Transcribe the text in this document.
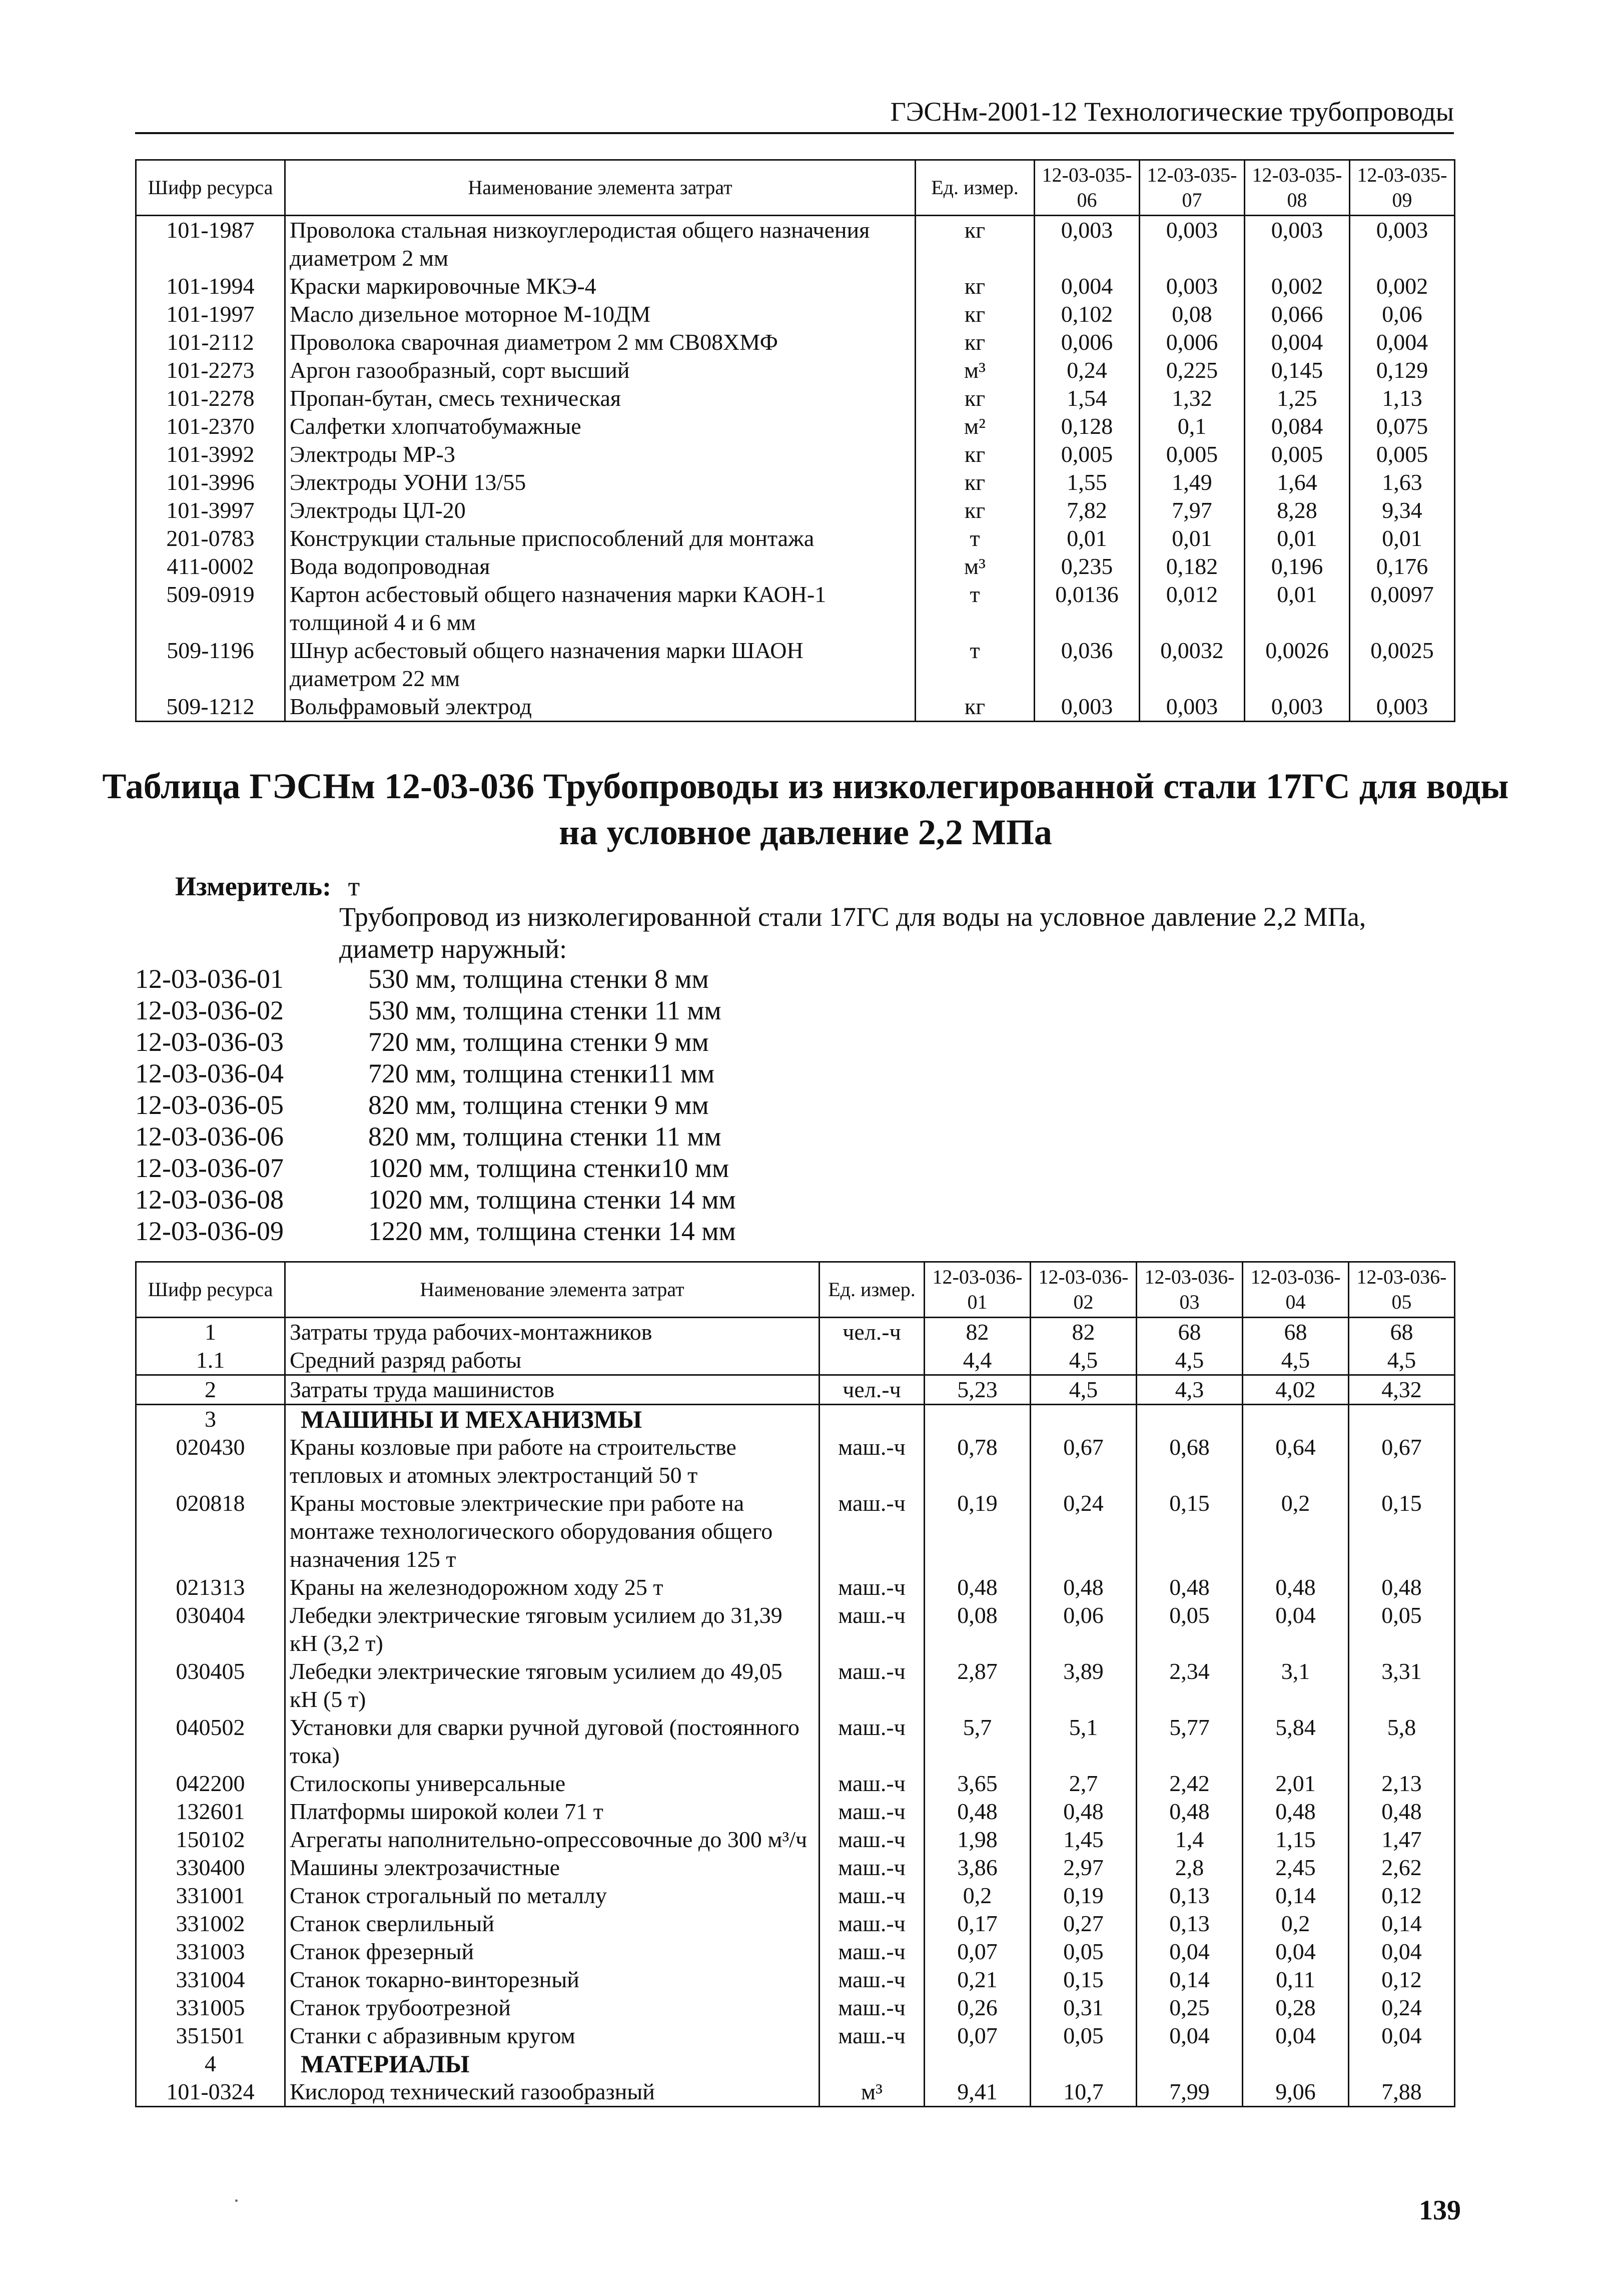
ГЭСНм-2001-12 Технологические трубопроводы
Шифр ресурса	Наименование элемента затрат	Ед. измер.	12-03-035-06	12-03-035-07	12-03-035-08	12-03-035-09
101-1987	Проволока стальная низкоуглеродистая общего назначения диаметром 2 мм	кг	0,003	0,003	0,003	0,003
101-1994	Краски маркировочные МКЭ-4	кг	0,004	0,003	0,002	0,002
101-1997	Масло дизельное моторное М-10ДМ	кг	0,102	0,08	0,066	0,06
101-2112	Проволока сварочная диаметром 2 мм СВ08ХМФ	кг	0,006	0,006	0,004	0,004
101-2273	Аргон газообразный, сорт высший	м³	0,24	0,225	0,145	0,129
101-2278	Пропан-бутан, смесь техническая	кг	1,54	1,32	1,25	1,13
101-2370	Салфетки хлопчатобумажные	м²	0,128	0,1	0,084	0,075
101-3992	Электроды МР-3	кг	0,005	0,005	0,005	0,005
101-3996	Электроды УОНИ 13/55	кг	1,55	1,49	1,64	1,63
101-3997	Электроды ЦЛ-20	кг	7,82	7,97	8,28	9,34
201-0783	Конструкции стальные приспособлений для монтажа	т	0,01	0,01	0,01	0,01
411-0002	Вода водопроводная	м³	0,235	0,182	0,196	0,176
509-0919	Картон асбестовый общего назначения марки КАОН-1 толщиной 4 и 6 мм	т	0,0136	0,012	0,01	0,0097
509-1196	Шнур асбестовый общего назначения марки ШАОН диаметром 22 мм	т	0,036	0,0032	0,0026	0,0025
509-1212	Вольфрамовый электрод	кг	0,003	0,003	0,003	0,003
Таблица ГЭСНм 12-03-036 Трубопроводы из низколегированной стали 17ГС для воды на условное давление 2,2 МПа
Измеритель: т
Трубопровод из низколегированной стали 17ГС для воды на условное давление 2,2 МПа, диаметр наружный:
12-03-036-01	530 мм, толщина стенки 8 мм
12-03-036-02	530 мм, толщина стенки 11 мм
12-03-036-03	720 мм, толщина стенки 9 мм
12-03-036-04	720 мм, толщина стенки11 мм
12-03-036-05	820 мм, толщина стенки 9 мм
12-03-036-06	820 мм, толщина стенки 11 мм
12-03-036-07	1020 мм, толщина стенки10 мм
12-03-036-08	1020 мм, толщина стенки 14 мм
12-03-036-09	1220 мм, толщина стенки 14 мм
Шифр ресурса	Наименование элемента затрат	Ед. измер.	12-03-036-01	12-03-036-02	12-03-036-03	12-03-036-04	12-03-036-05
1	Затраты труда рабочих-монтажников	чел.-ч	82	82	68	68	68
1.1	Средний разряд работы		4,4	4,5	4,5	4,5	4,5
2	Затраты труда машинистов	чел.-ч	5,23	4,5	4,3	4,02	4,32
3	МАШИНЫ И МЕХАНИЗМЫ						
020430	Краны козловые при работе на строительстве тепловых и атомных электростанций 50 т	маш.-ч	0,78	0,67	0,68	0,64	0,67
020818	Краны мостовые электрические при работе на монтаже технологического оборудования общего назначения 125 т	маш.-ч	0,19	0,24	0,15	0,2	0,15
021313	Краны на железнодорожном ходу 25 т	маш.-ч	0,48	0,48	0,48	0,48	0,48
030404	Лебедки электрические тяговым усилием до 31,39 кН (3,2 т)	маш.-ч	0,08	0,06	0,05	0,04	0,05
030405	Лебедки электрические тяговым усилием до 49,05 кН (5 т)	маш.-ч	2,87	3,89	2,34	3,1	3,31
040502	Установки для сварки ручной дуговой (постоянного тока)	маш.-ч	5,7	5,1	5,77	5,84	5,8
042200	Стилоскопы универсальные	маш.-ч	3,65	2,7	2,42	2,01	2,13
132601	Платформы широкой колеи 71 т	маш.-ч	0,48	0,48	0,48	0,48	0,48
150102	Агрегаты наполнительно-опрессовочные до 300 м³/ч	маш.-ч	1,98	1,45	1,4	1,15	1,47
330400	Машины электрозачистные	маш.-ч	3,86	2,97	2,8	2,45	2,62
331001	Станок строгальный по металлу	маш.-ч	0,2	0,19	0,13	0,14	0,12
331002	Станок сверлильный	маш.-ч	0,17	0,27	0,13	0,2	0,14
331003	Станок фрезерный	маш.-ч	0,07	0,05	0,04	0,04	0,04
331004	Станок токарно-винторезный	маш.-ч	0,21	0,15	0,14	0,11	0,12
331005	Станок трубоотрезной	маш.-ч	0,26	0,31	0,25	0,28	0,24
351501	Станки с абразивным кругом	маш.-ч	0,07	0,05	0,04	0,04	0,04
4	МАТЕРИАЛЫ						
101-0324	Кислород технический газообразный	м³	9,41	10,7	7,99	9,06	7,88
139
